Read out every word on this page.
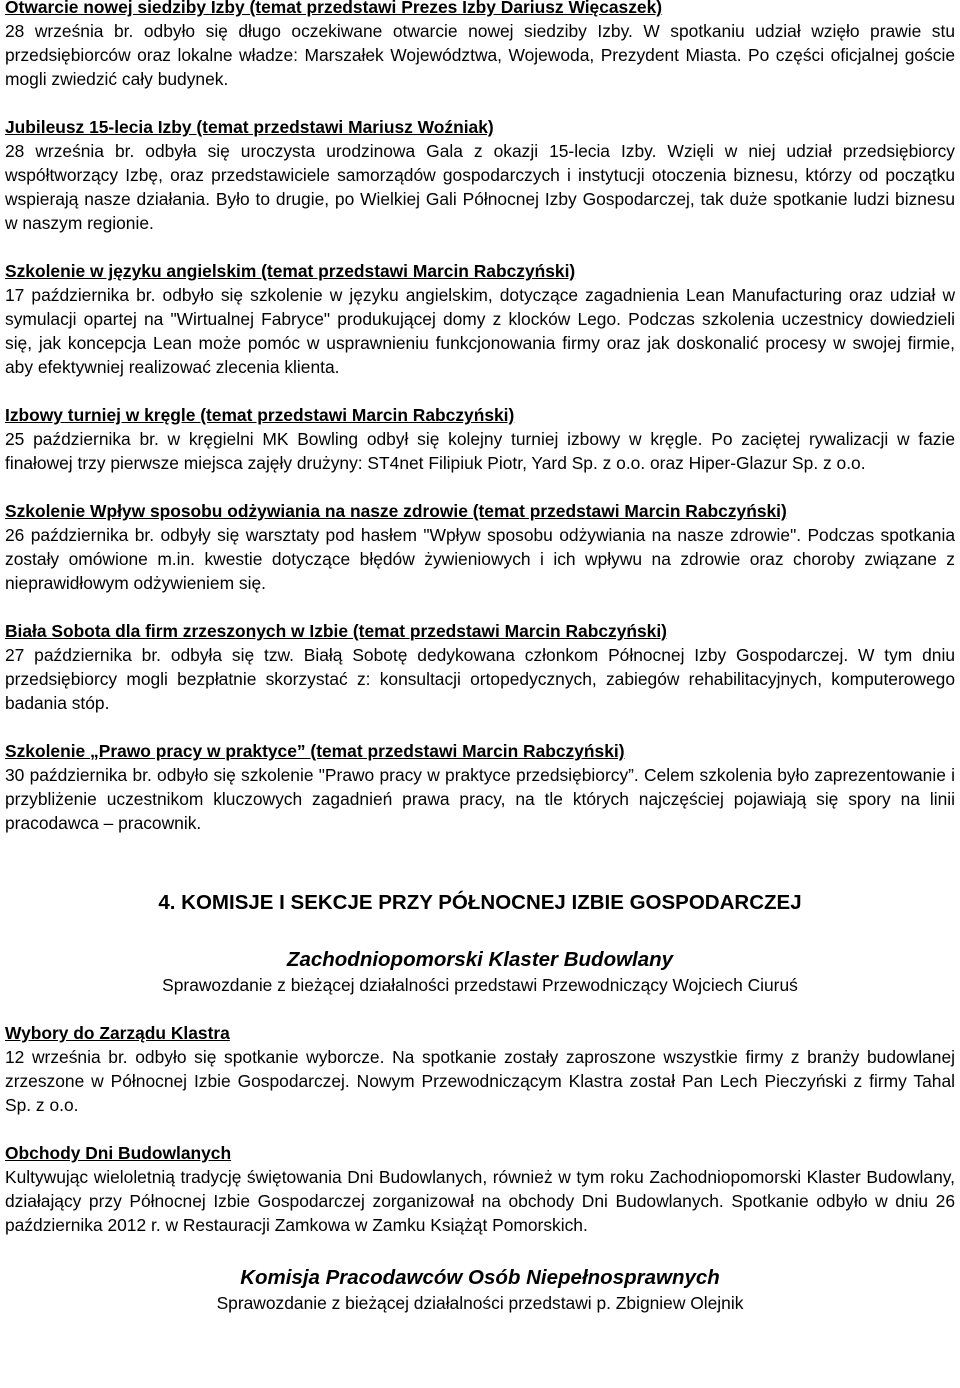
Otwarcie nowej siedziby Izby (temat przedstawi Prezes Izby Dariusz Więcaszek)

28 września br. odbyło się długo oczekiwane otwarcie nowej siedziby Izby. W spotkaniu udział wzięło prawie stu przedsiębiorców oraz lokalne władze: Marszałek Województwa, Wojewoda, Prezydent Miasta. Po części oficjalnej goście mogli zwiedzić cały budynek.

Jubileusz 15-lecia Izby (temat przedstawi Mariusz Woźniak)

28 września br. odbyła się uroczysta urodzinowa Gala z okazji 15-lecia Izby. Wzięli w niej udział przedsiębiorcy współtworzący Izbę, oraz przedstawiciele samorządów gospodarczych i instytucji otoczenia biznesu, którzy od początku wspierają nasze działania. Było to drugie, po Wielkiej Gali Północnej Izby Gospodarczej, tak duże spotkanie ludzi biznesu w naszym regionie.

Szkolenie w języku angielskim (temat przedstawi Marcin Rabczyński)

17 października br. odbyło się szkolenie w języku angielskim, dotyczące zagadnienia Lean Manufacturing oraz udział w symulacji opartej na "Wirtualnej Fabryce" produkującej domy z klocków Lego. Podczas szkolenia uczestnicy dowiedzieli się, jak koncepcja Lean może pomóc w usprawnieniu funkcjonowania firmy oraz jak doskonalić procesy w swojej firmie, aby efektywniej realizować zlecenia klienta.

Izbowy turniej w kręgle (temat przedstawi Marcin Rabczyński)

25 października br. w kręgielni MK Bowling odbył się kolejny turniej izbowy w kręgle. Po zaciętej rywalizacji w fazie finałowej trzy pierwsze miejsca zajęły drużyny: ST4net Filipiuk Piotr, Yard Sp. z o.o. oraz Hiper-Glazur Sp. z o.o.

Szkolenie Wpływ sposobu odżywiania na nasze zdrowie (temat przedstawi Marcin Rabczyński)

26 października br. odbyły się warsztaty pod hasłem "Wpływ sposobu odżywiania na nasze zdrowie". Podczas spotkania zostały omówione m.in. kwestie dotyczące błędów żywieniowych i ich wpływu na zdrowie oraz choroby związane z nieprawidłowym odżywieniem się.

Biała Sobota dla firm zrzeszonych w Izbie (temat przedstawi Marcin Rabczyński)

27 października br. odbyła się tzw. Białą Sobotę dedykowana członkom Północnej Izby Gospodarczej. W tym dniu przedsiębiorcy mogli bezpłatnie skorzystać z: konsultacji ortopedycznych, zabiegów rehabilitacyjnych, komputerowego badania stóp.

Szkolenie „Prawo pracy w praktyce” (temat przedstawi Marcin Rabczyński)

30 października br. odbyło się szkolenie "Prawo pracy w praktyce przedsiębiorcy”. Celem szkolenia było zaprezentowanie i przybliżenie uczestnikom kluczowych zagadnień prawa pracy, na tle których najczęściej pojawiają się spory na linii pracodawca – pracownik.

4. KOMISJE I SEKCJE PRZY PÓŁNOCNEJ IZBIE GOSPODARCZEJ

Zachodniopomorski Klaster Budowlany

Sprawozdanie z bieżącej działalności przedstawi Przewodniczący Wojciech Ciuruś

Wybory do Zarządu Klastra

12 września br. odbyło się spotkanie wyborcze. Na spotkanie zostały zaproszone wszystkie firmy z branży budowlanej zrzeszone w Północnej Izbie Gospodarczej. Nowym Przewodniczącym Klastra został Pan Lech Pieczyński z firmy Tahal Sp. z o.o.

Obchody Dni Budowlanych

Kultywując wieloletnią tradycję świętowania Dni Budowlanych, również w tym roku Zachodniopomorski Klaster Budowlany, działający przy Północnej Izbie Gospodarczej zorganizował na obchody Dni Budowlanych. Spotkanie odbyło w dniu 26 października 2012 r. w Restauracji Zamkowa w Zamku Książąt Pomorskich.

Komisja Pracodawców Osób Niepełnosprawnych

Sprawozdanie z bieżącej działalności przedstawi p. Zbigniew Olejnik
